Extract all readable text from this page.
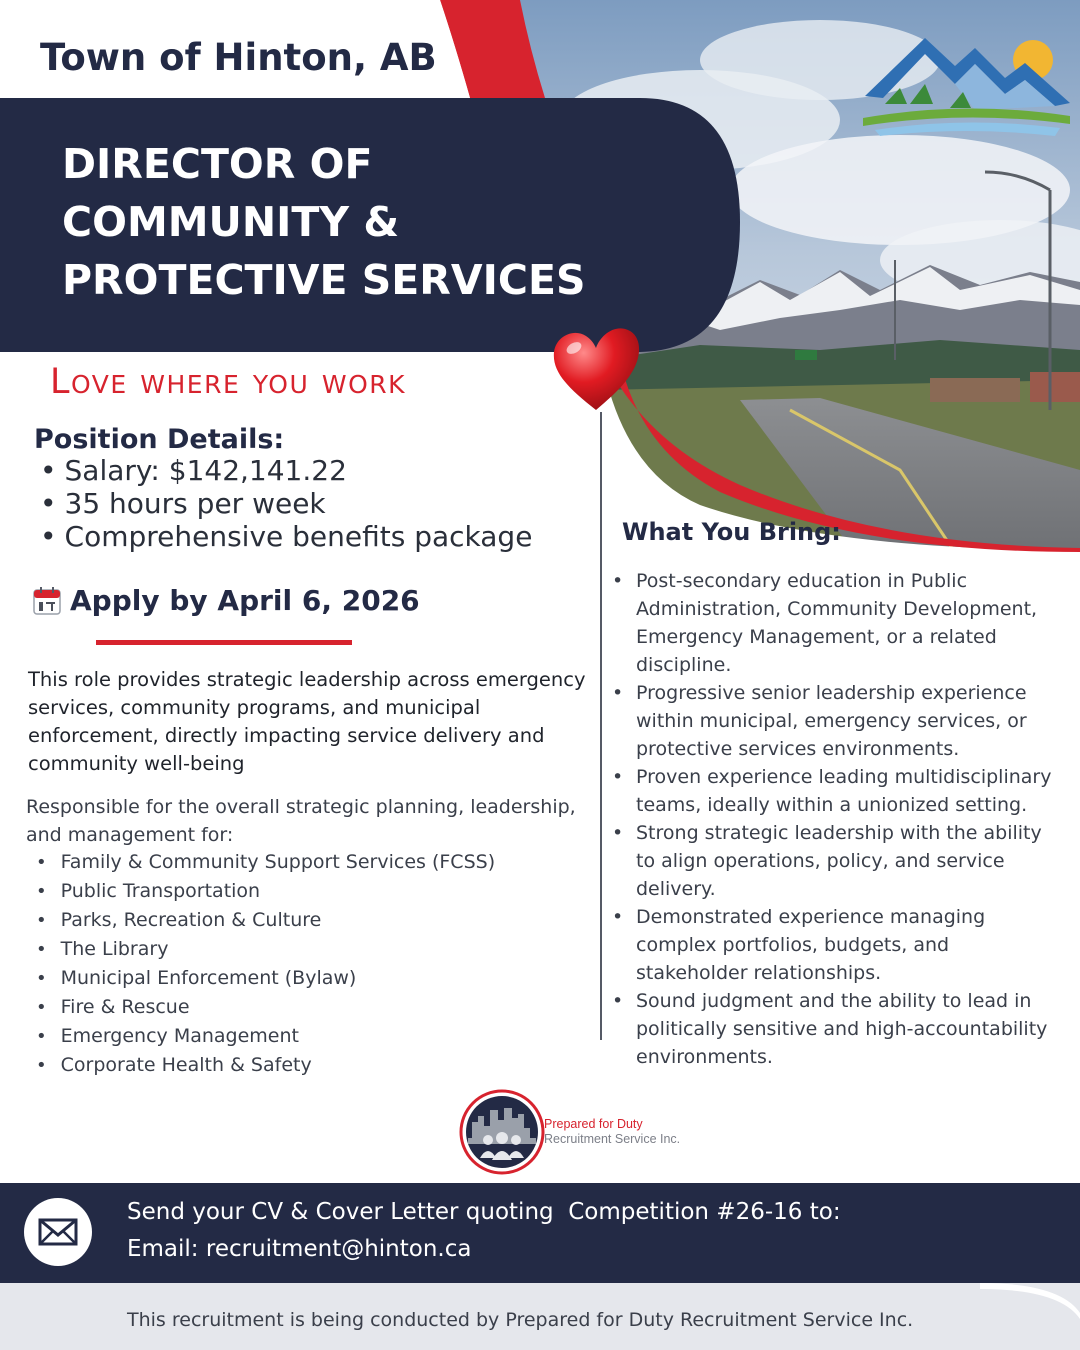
Town of Hinton, AB
DIRECTOR OF
COMMUNITY &
PROTECTIVE SERVICES
Love where you work
Position Details:
• Salary: $142,141.22
• 35 hours per week
• Comprehensive benefits package
Apply by April 6, 2026

This role provides strategic leadership across emergency services, community programs, and municipal enforcement, directly impacting service delivery and community well-being

Responsible for the overall strategic planning, leadership, and management for:

• Family & Community Support Services (FCSS)
• Public Transportation
• Parks, Recreation & Culture
• The Library
• Municipal Enforcement (Bylaw)
• Fire & Rescue
• Emergency Management
• Corporate Health & Safety
What You Bring:
• Post-secondary education in Public Administration, Community Development, Emergency Management, or a related discipline.
• Progressive senior leadership experience within municipal, emergency services, or protective services environments.
• Proven experience leading multidisciplinary teams, ideally within a unionized setting.
• Strong strategic leadership with the ability to align operations, policy, and service delivery.
• Demonstrated experience managing complex portfolios, budgets, and stakeholder relationships.
• Sound judgment and the ability to lead in politically sensitive and high-accountability environments.
Prepared for Duty
Recruitment Service Inc.
Send your CV & Cover Letter quoting  Competition #26-16 to:
Email: recruitment@hinton.ca
This recruitment is being conducted by Prepared for Duty Recruitment Service Inc.
